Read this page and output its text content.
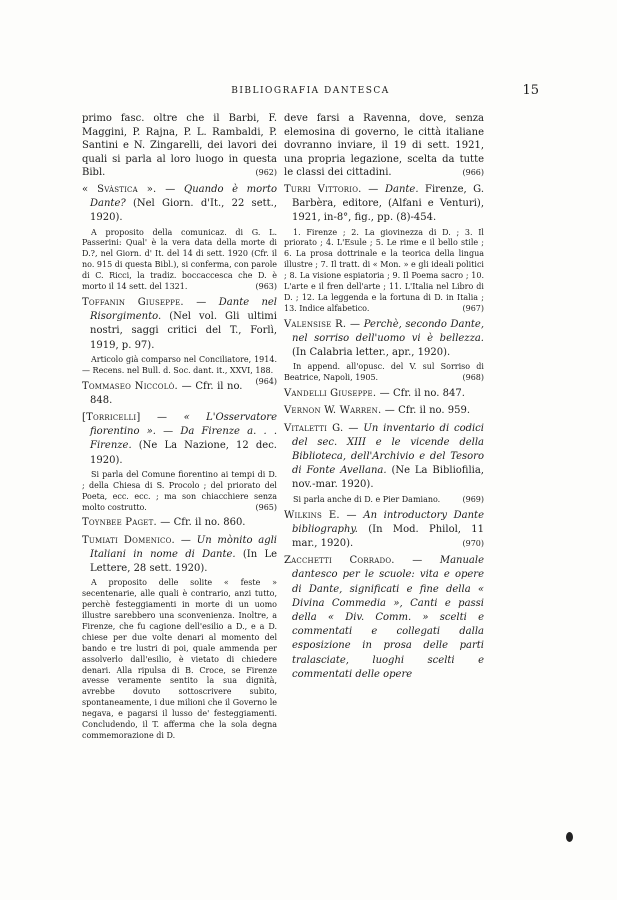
BIBLIOGRAFIA DANTESCA	15
primo fasc. oltre che il Barbi, F. Maggini, P. Rajna, P. L. Rambaldi, P. Santini e N. Zingarelli, dei lavori dei quali si parla al loro luogo in questa Bibl.	(962)
« Svàstica ». — Quando è morto Dante? (Nel Giorn. d'It., 22 sett., 1920).
A proposito della comunicaz. di G. L. Passerini: Qual' è la vera data della morte di D.?, nel Giorn. d' It. del 14 di sett. 1920 (Cfr. il no. 915 di questa Bibl.), si conferma, con parole di C. Ricci, la tradiz. boccaccesca che D. è morto il 14 sett. del 1321.	(963)
Toffanin Giuseppe. — Dante nel Risorgimento. (Nel vol. Gli ultimi nostri, saggi critici del T., Forlì, 1919, p. 97).
Articolo già comparso nel Conciliatore, 1914. — Recens. nel Bull. d. Soc. dant. it., XXVI, 188.
(964)
Tommaseo Niccolò. — Cfr. il no. 848.
[Torricelli] — « L'Osservatore fiorentino ». — Da Firenze a. . . Firenze. (Ne La Nazione, 12 dec. 1920).
Si parla del Comune fiorentino ai tempi di D. ; della Chiesa di S. Procolo ; del priorato del Poeta, ecc. ecc. ; ma son chiacchiere senza molto costrutto.	(965)
Toynbee Paget. — Cfr. il no. 860.
Tumiati Domenico. — Un mònito agli Italiani in nome di Dante. (In Le Lettere, 28 sett. 1920).
A proposito delle solite « feste » secentenarie, alle quali è contrario, anzi tutto, perchè festeggiamenti in morte di un uomo illustre sarebbero una sconvenienza. Inoltre, a Firenze, che fu cagione dell'esilio a D., e a D. chiese per due volte denari al momento del bando e tre lustri di poi, quale ammenda per assolverlo dall'esilio, è vietato di chiedere denari. Alla ripulsa di B. Croce, se Firenze avesse veramente sentito la sua dignità, avrebbe dovuto sottoscrivere subito, spontaneamente, i due milioni che il Governo le negava, e pagarsi il lusso de' festeggiamenti. Concludendo, il T. afferma che la sola degna commemorazione di D.
deve farsi a Ravenna, dove, senza elemosina di governo, le città italiane dovranno inviare, il 19 di sett. 1921, una propria legazione, scelta da tutte le classi dei cittadini.	(966)
Turri Vittorio. — Dante. Firenze, G. Barbèra, editore, (Alfani e Venturi), 1921, in-8°, fig., pp. (8)-454.
1. Firenze ; 2. La giovinezza di D. ; 3. Il priorato ; 4. L'Esule ; 5. Le rime e il bello stile ; 6. La prosa dottrinale e la teorica della lingua illustre ; 7. Il tratt. di « Mon. » e gli ideali politici ; 8. La visione espiatoria ; 9. Il Poema sacro ; 10. L'arte e il fren dell'arte ; 11. L'Italia nel Libro di D. ; 12. La leggenda e la fortuna di D. in Italia ; 13. Indice alfabetico.	(967)
Valensise R. — Perchè, secondo Dante, nel sorriso dell'uomo vi è bellezza. (In Calabria letter., apr., 1920).
In append. all'opusc. del V. sul Sorriso di Beatrice, Napoli, 1905.	(968)
Vandelli Giuseppe. — Cfr. il no. 847.
Vernon W. Warren. — Cfr. il no. 959.
Vitaletti G. — Un inventario di codici del sec. XIII e le vicende della Biblioteca, dell'Archivio e del Tesoro di Fonte Avellana. (Ne La Bibliofilia, nov.-mar. 1920).
Si parla anche di D. e Pier Damiano.	(969)
Wilkins E. — An introductory Dante bibliography. (In Mod. Philol, 11 mar., 1920).	(970)
Zacchetti Corrado. — Manuale dantesco per le scuole: vita e opere di Dante, significati e fine della « Divina Commedia », Canti e passi della « Div. Comm. » scelti e commentati e collegati dalla esposizione in prosa delle parti tralasciate, luoghi scelti e commentati delle opere
